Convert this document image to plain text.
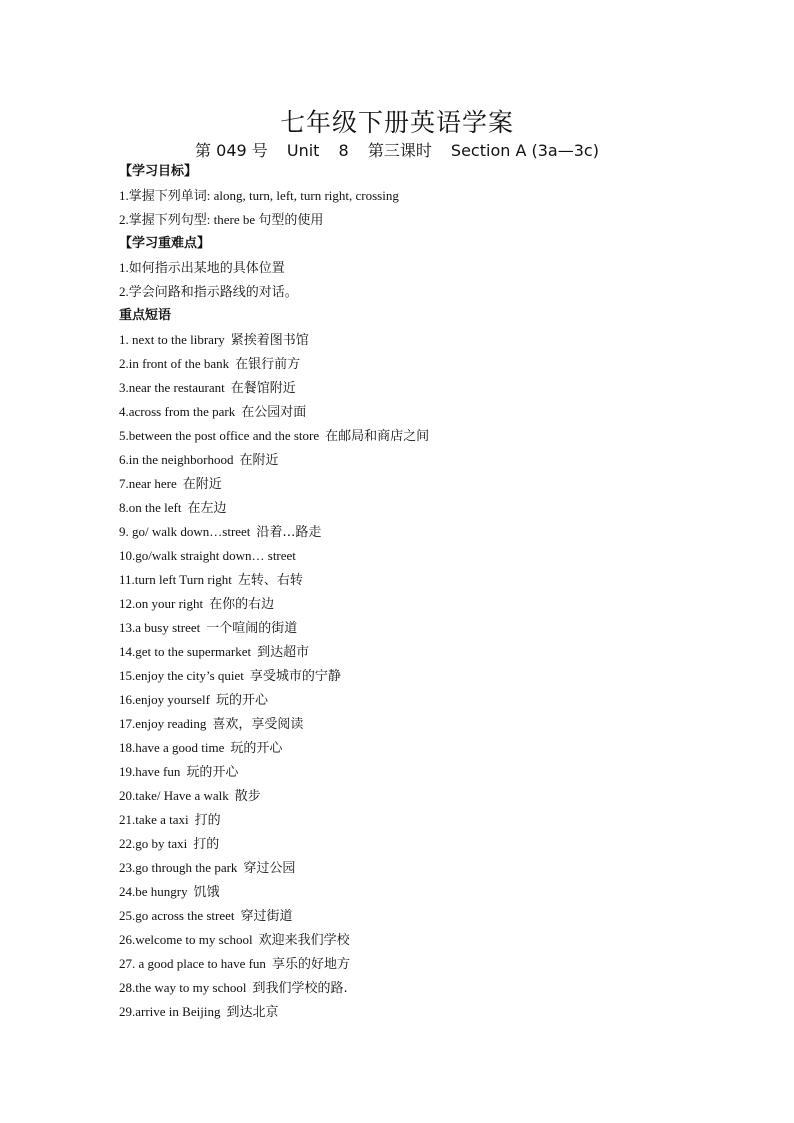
七年级下册英语学案
第 049 号 Unit 8 第三课时 Section A (3a—3c)
【学习目标】
1.掌握下列单词: along, turn, left, turn right, crossing
2.掌握下列句型: there be 句型的使用
【学习重难点】
1.如何指示出某地的具体位置
2.学会问路和指示路线的对话。
重点短语
1. next to the library 紧挨着图书馆
2.in front of the bank 在银行前方
3.near the restaurant 在餐馆附近
4.across from the park 在公园对面
5.between the post office and the store 在邮局和商店之间
6.in the neighborhood 在附近
7.near here 在附近
8.on the left 在左边
9. go/ walk down…street 沿着…路走
10.go/walk straight down… street
11.turn left Turn right 左转、右转
12.on your right 在你的右边
13.a busy street 一个喧闹的街道
14.get to the supermarket 到达超市
15.enjoy the city’s quiet 享受城市的宁静
16.enjoy yourself 玩的开心
17.enjoy reading 喜欢，享受阅读
18.have a good time 玩的开心
19.have fun 玩的开心
20.take/ Have a walk 散步
21.take a taxi 打的
22.go by taxi 打的
23.go through the park 穿过公园
24.be hungry 饥饿
25.go across the street 穿过街道
26.welcome to my school 欢迎来我们学校
27. a good place to have fun 享乐的好地方
28.the way to my school 到我们学校的路.
29.arrive in Beijing 到达北京
